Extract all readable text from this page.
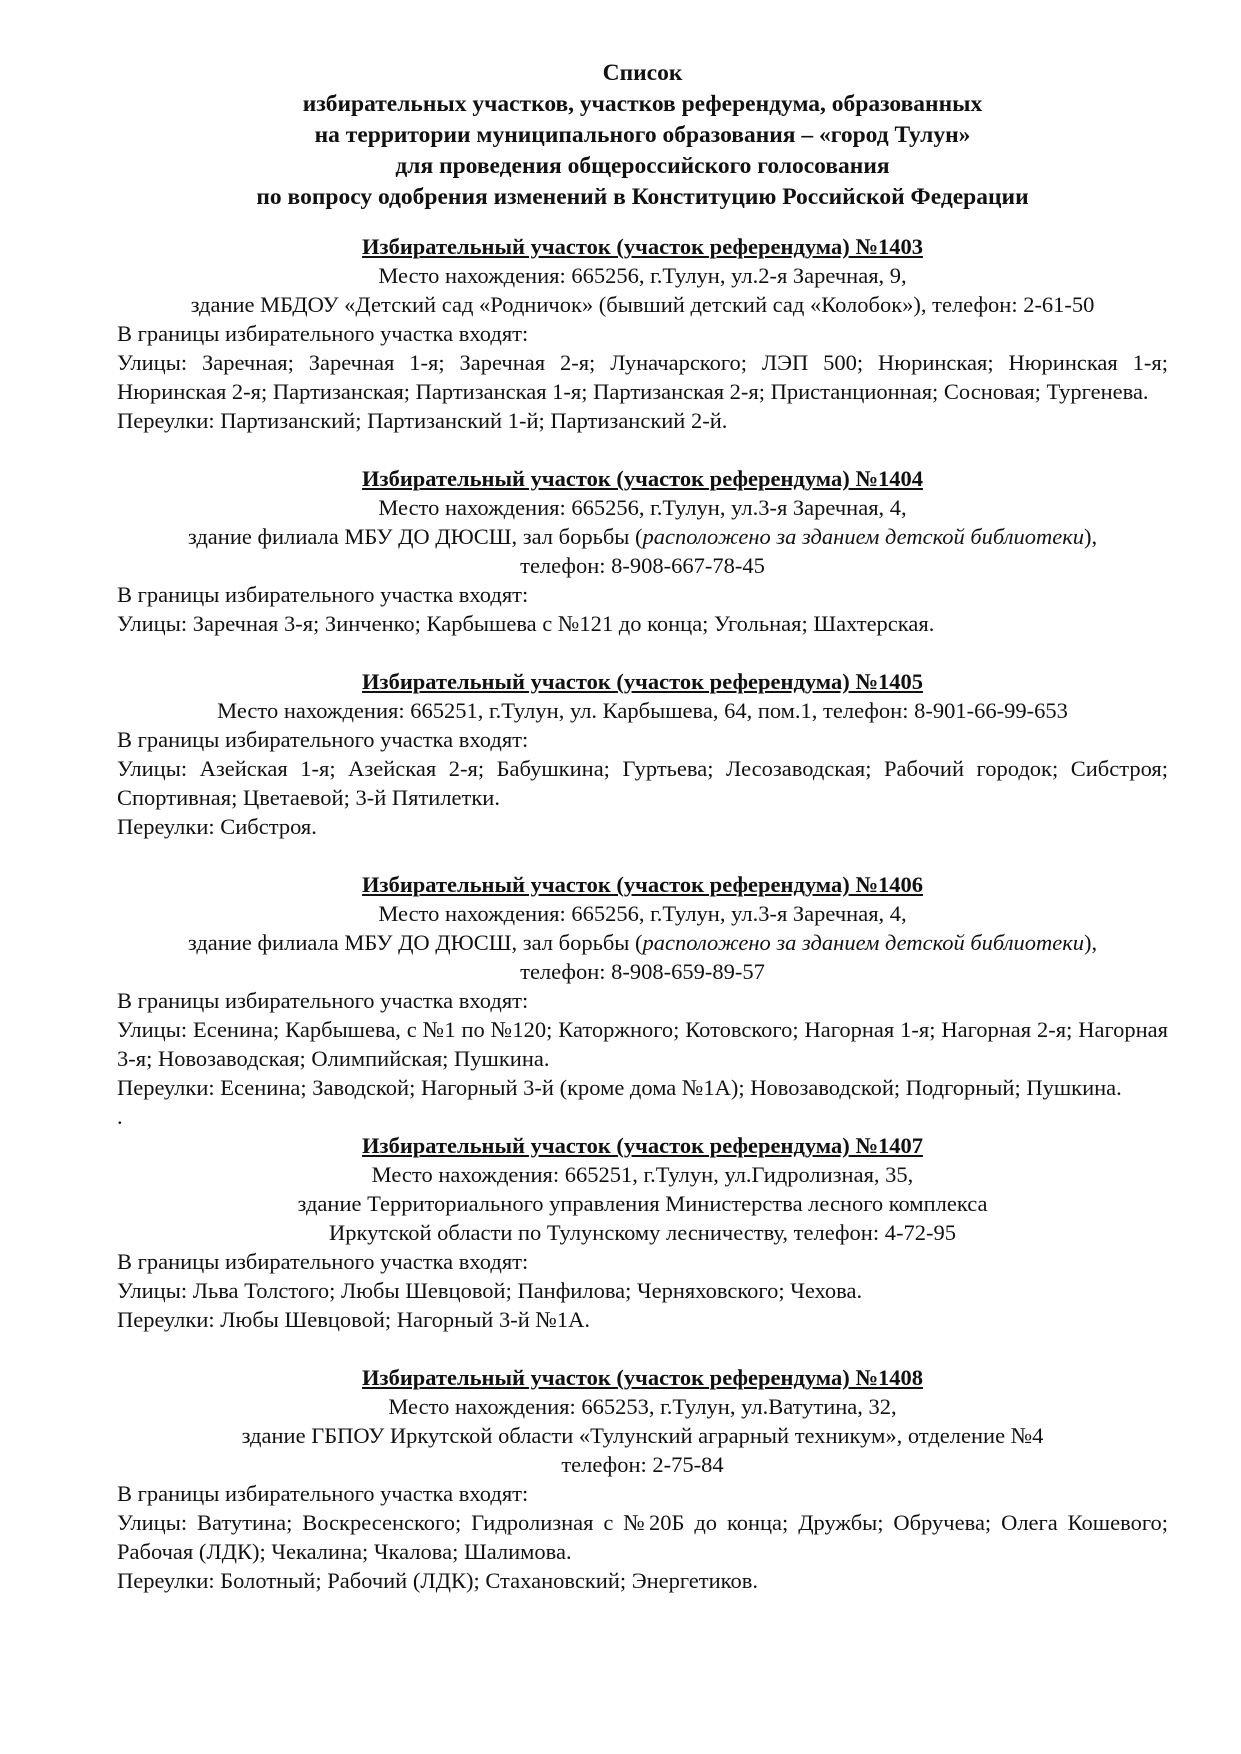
Список
избирательных участков, участков референдума, образованных
на территории муниципального образования – «город Тулун»
для проведения общероссийского голосования
по вопросу одобрения изменений в Конституцию Российской Федерации
Избирательный участок (участок референдума) №1403
Место нахождения: 665256, г.Тулун, ул.2-я Заречная, 9,
здание МБДОУ «Детский сад «Родничок» (бывший детский сад «Колобок»), телефон: 2-61-50
В границы избирательного участка входят:
Улицы: Заречная; Заречная 1-я; Заречная 2-я; Луначарского; ЛЭП 500; Нюринская; Нюринская 1-я; Нюринская 2-я; Партизанская; Партизанская 1-я; Партизанская 2-я; Пристанционная; Сосновая; Тургенева.
Переулки: Партизанский; Партизанский 1-й; Партизанский 2-й.
Избирательный участок (участок референдума) №1404
Место нахождения: 665256, г.Тулун, ул.3-я Заречная, 4,
здание филиала МБУ ДО ДЮСШ, зал борьбы (расположено за зданием детской библиотеки),
телефон: 8-908-667-78-45
В границы избирательного участка входят:
Улицы: Заречная 3-я; Зинченко; Карбышева с №121 до конца; Угольная; Шахтерская.
Избирательный участок (участок референдума) №1405
Место нахождения: 665251, г.Тулун, ул. Карбышева, 64, пом.1, телефон: 8-901-66-99-653
В границы избирательного участка входят:
Улицы: Азейская 1-я; Азейская 2-я; Бабушкина; Гуртьева; Лесозаводская; Рабочий городок; Сибстроя; Спортивная; Цветаевой; 3-й Пятилетки.
Переулки: Сибстроя.
Избирательный участок (участок референдума) №1406
Место нахождения: 665256, г.Тулун, ул.3-я Заречная, 4,
здание филиала МБУ ДО ДЮСШ, зал борьбы (расположено за зданием детской библиотеки),
телефон: 8-908-659-89-57
В границы избирательного участка входят:
Улицы: Есенина; Карбышева, с №1 по №120; Каторжного; Котовского; Нагорная 1-я; Нагорная 2-я; Нагорная 3-я; Новозаводская; Олимпийская; Пушкина.
Переулки: Есенина; Заводской; Нагорный 3-й (кроме дома №1А); Новозаводской; Подгорный; Пушкина.
.
Избирательный участок (участок референдума) №1407
Место нахождения: 665251, г.Тулун, ул.Гидролизная, 35,
здание Территориального управления Министерства лесного комплекса
Иркутской области по Тулунскому лесничеству, телефон: 4-72-95
В границы избирательного участка входят:
Улицы: Льва Толстого; Любы Шевцовой; Панфилова; Черняховского; Чехова.
Переулки: Любы Шевцовой; Нагорный 3-й №1А.
Избирательный участок (участок референдума) №1408
Место нахождения: 665253, г.Тулун, ул.Ватутина, 32,
здание ГБПОУ Иркутской области «Тулунский аграрный техникум», отделение №4
телефон: 2-75-84
В границы избирательного участка входят:
Улицы: Ватутина; Воскресенского; Гидролизная с №20Б до конца; Дружбы; Обручева; Олега Кошевого; Рабочая (ЛДК); Чекалина; Чкалова; Шалимова.
Переулки: Болотный; Рабочий (ЛДК); Стахановский; Энергетиков.
